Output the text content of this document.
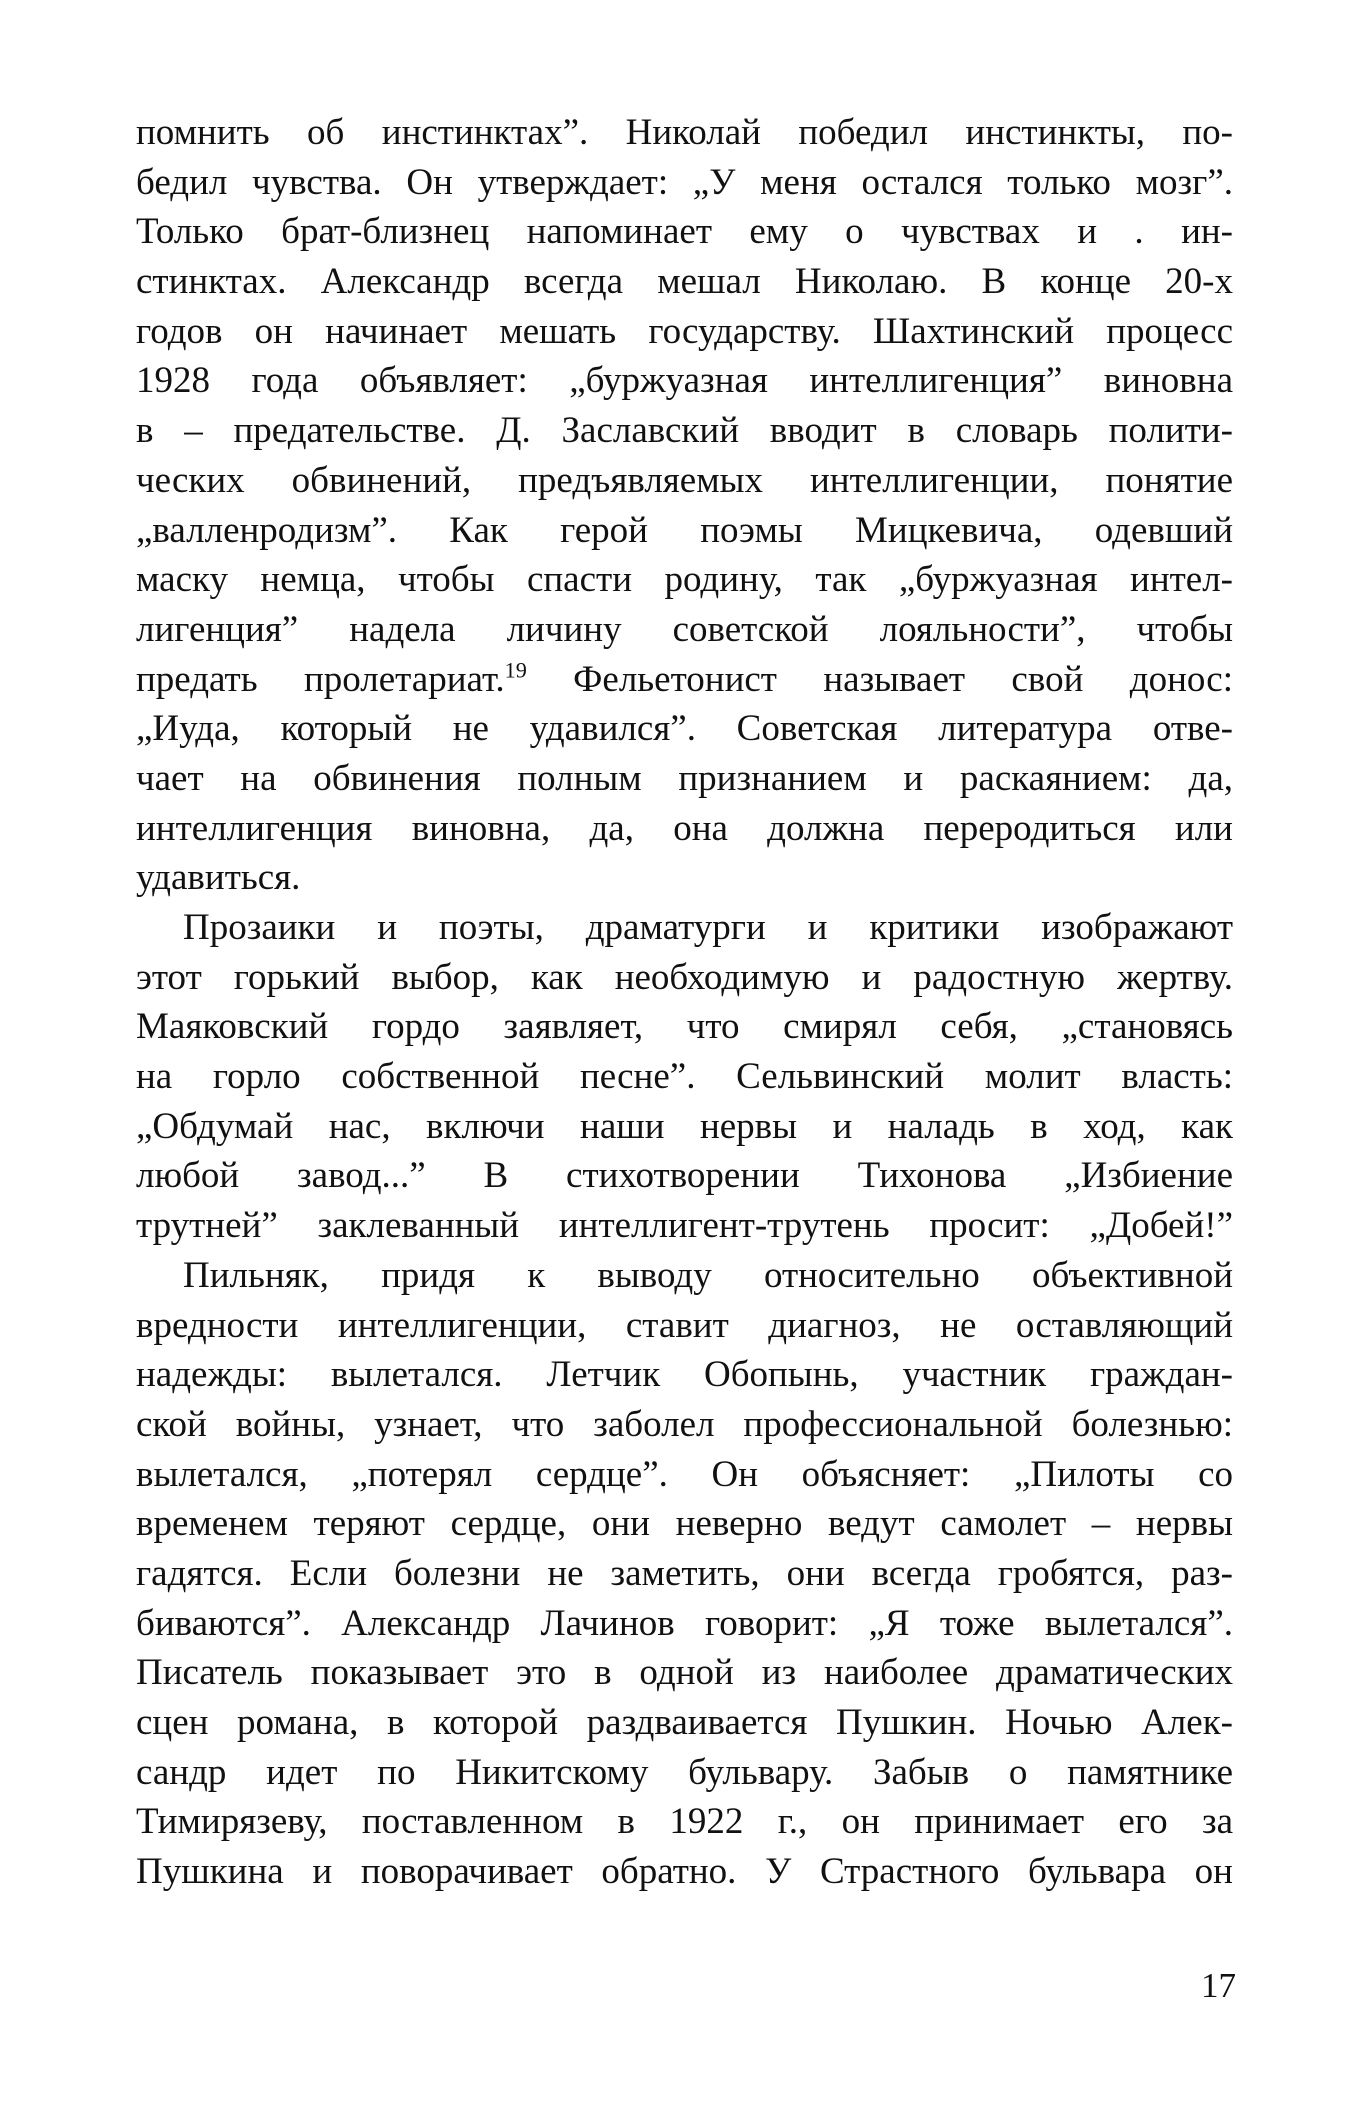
помнить об инстинктах”. Николай победил инстинкты, по-
бедил чувства. Он утверждает: „У меня остался только мозг”.
Только брат-близнец напоминает ему о чувствах и . ин-
стинктах. Александр всегда мешал Николаю. В конце 20-х
годов он начинает мешать государству. Шахтинский процесс
1928 года объявляет: „буржуазная интеллигенция” виновна
в – предательстве. Д. Заславский вводит в словарь полити-
ческих обвинений, предъявляемых интеллигенции, понятие
„валленродизм”. Как герой поэмы Мицкевича, одевший
маску немца, чтобы спасти родину, так „буржуазная интел-
лигенция” надела личину советской лояльности”, чтобы
предать пролетариат.$^{19}$ Фельетонист называет свой донос:
„Иуда, который не удавился”. Советская литература отве-
чает на обвинения полным признанием и раскаянием: да,
интеллигенция виновна, да, она должна переродиться или
удавиться.
Прозаики и поэты, драматурги и критики изображают
этот горький выбор, как необходимую и радостную жертву.
Маяковский гордо заявляет, что смирял себя, „становясь
на горло собственной песне”. Сельвинский молит власть:
„Обдумай нас, включи наши нервы и наладь в ход, как
любой завод...” В стихотворении Тихонова „Избиение
трутней” заклеванный интеллигент-трутень просит: „Добей!”
Пильняк, придя к выводу относительно объективной
вредности интеллигенции, ставит диагноз, не оставляющий
надежды: вылетался. Летчик Обопынь, участник граждан-
ской войны, узнает, что заболел профессиональной болезнью:
вылетался, „потерял сердце”. Он объясняет: „Пилоты со
временем теряют сердце, они неверно ведут самолет – нервы
гадятся. Если болезни не заметить, они всегда гробятся, раз-
биваются”. Александр Лачинов говорит: „Я тоже вылетался”.
Писатель показывает это в одной из наиболее драматических
сцен романа, в которой раздваивается Пушкин. Ночью Алек-
сандр идет по Никитскому бульвару. Забыв о памятнике
Тимирязеву, поставленном в 1922 г., он принимает его за
Пушкина и поворачивает обратно. У Страстного бульвара он
17
